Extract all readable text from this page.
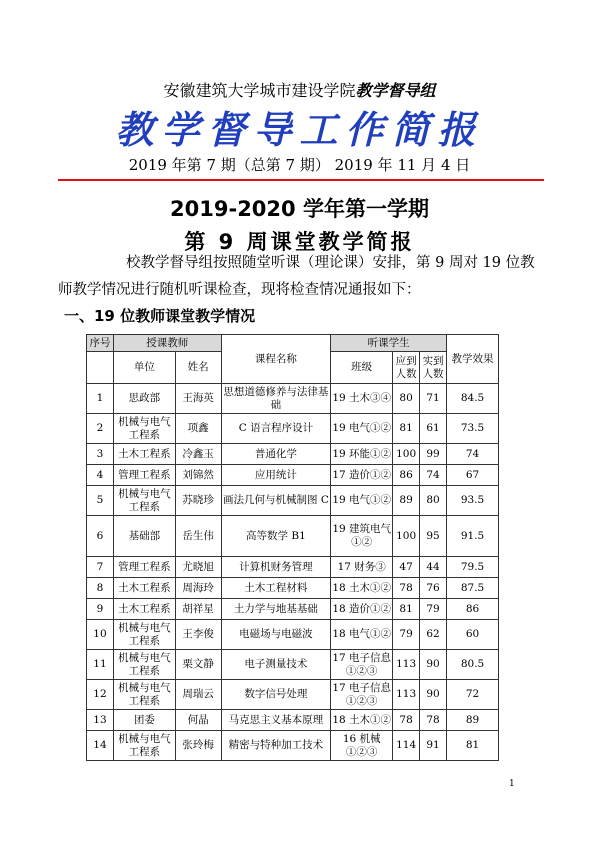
安徽建筑大学城市建设学院教学督导组
教学督导工作简报
2019 年第 7 期（总第 7 期） 2019 年 11 月 4 日
2019-2020 学年第一学期
第 9 周课堂教学简报
校教学督导组按照随堂听课（理论课）安排，第 9 周对 19 位教
师教学情况进行随机听课检查，现将检查情况通报如下：
一、19 位教师课堂教学情况
序号	授课教师		课程名称	听课学生			教学效果
	单位	姓名		班级	应到人数	实到人数	
1	思政部	王海英	思想道德修养与法律基础	19 土木③④	80	71	84.5
2	机械与电气工程系	项鑫	C 语言程序设计	19 电气①②	81	61	73.5
3	土木工程系	冷鑫玉	普通化学	19 环能①②	100	99	74
4	管理工程系	刘锦然	应用统计	17 造价①②	86	74	67
5	机械与电气工程系	苏晓珍	画法几何与机械制图 C	19 电气①②	89	80	93.5
6	基础部	岳生伟	高等数学 B1	19 建筑电气①②	100	95	91.5
7	管理工程系	尤晓旭	计算机财务管理	17 财务③	47	44	79.5
8	土木工程系	周海玲	土木工程材料	18 土木①②	78	76	87.5
9	土木工程系	胡祥星	土力学与地基基础	18 造价①②	81	79	86
10	机械与电气工程系	王李俊	电磁场与电磁波	18 电气①②	79	62	60
11	机械与电气工程系	栗文静	电子测量技术	17 电子信息①②③	113	90	80.5
12	机械与电气工程系	周瑞云	数字信号处理	17 电子信息①②③	113	90	72
13	团委	何晶	马克思主义基本原理	18 土木①②	78	78	89
14	机械与电气工程系	张玲梅	精密与特种加工技术	16 机械①②③	114	91	81
1
